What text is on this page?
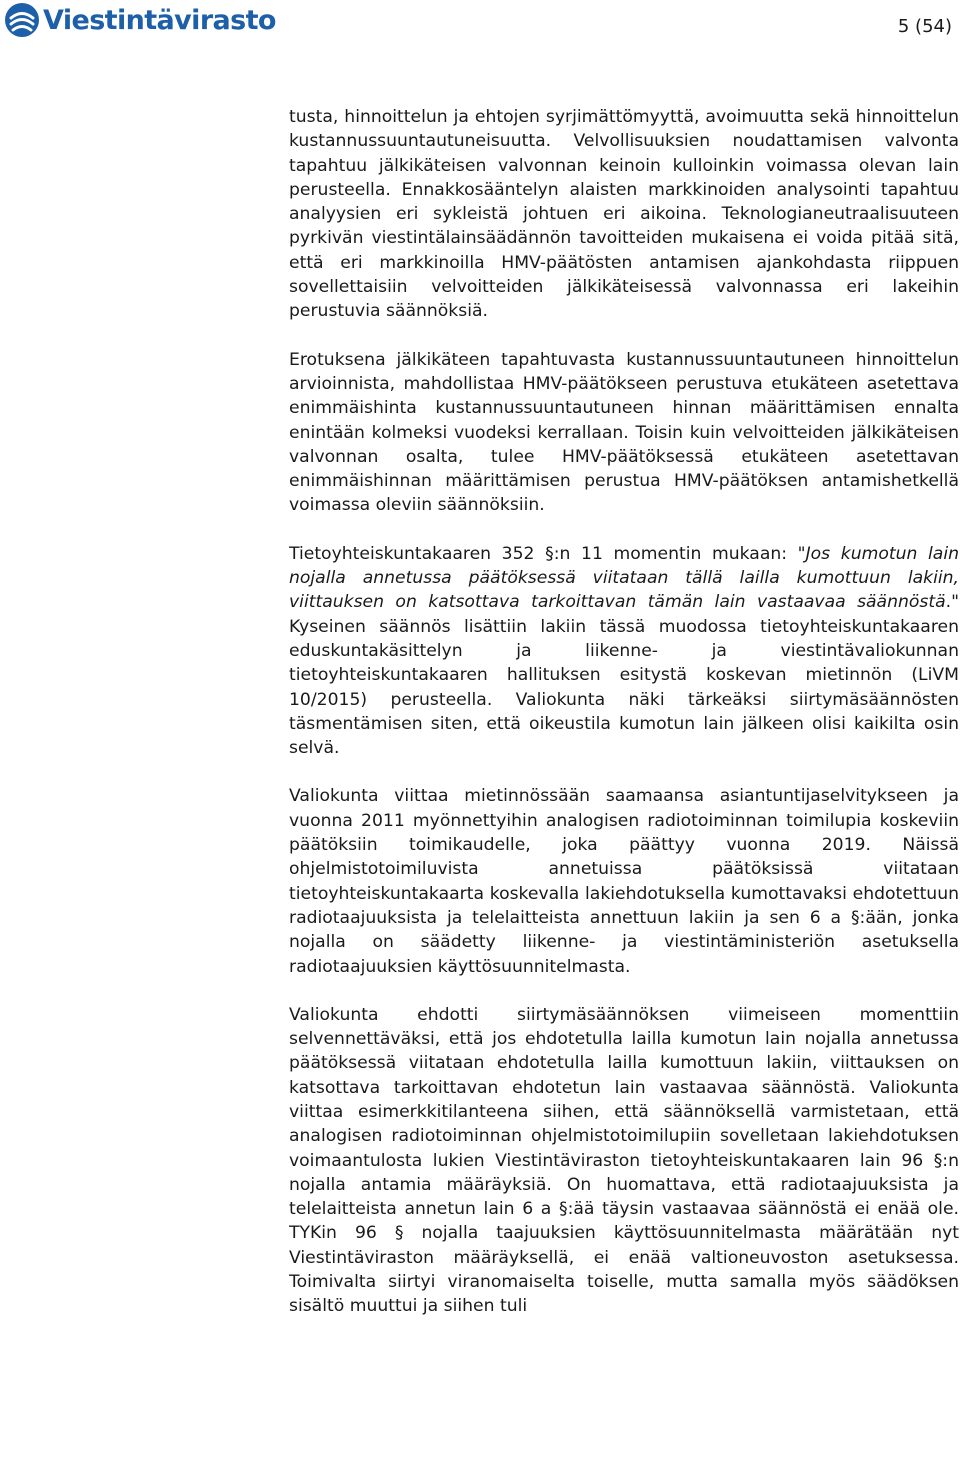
Viestintävirasto	5 (54)

tusta, hinnoittelun ja ehtojen syrjimättömyyttä, avoimuutta sekä hinnoittelun kustannussuuntautuneisuutta. Velvollisuuksien noudattamisen valvonta tapahtuu jälkikäteisen valvonnan keinoin kulloinkin voimassa olevan lain perusteella. Ennakkosääntelyn alaisten markkinoiden analysointi tapahtuu analyysien eri sykleistä johtuen eri aikoina. Teknologianeutraalisuuteen pyrkivän viestintälainsäädännön tavoitteiden mukaisena ei voida pitää sitä, että eri markkinoilla HMV-päätösten antamisen ajankohdasta riippuen sovellettaisiin velvoitteiden jälkikäteisessä valvonnassa eri lakeihin perustuvia säännöksiä.

Erotuksena jälkikäteen tapahtuvasta kustannussuuntautuneen hinnoittelun arvioinnista, mahdollistaa HMV-päätökseen perustuva etukäteen asetettava enimmäishinta kustannussuuntautuneen hinnan määrittämisen ennalta enintään kolmeksi vuodeksi kerrallaan. Toisin kuin velvoitteiden jälkikäteisen valvonnan osalta, tulee HMV-päätöksessä etukäteen asetettavan enimmäishinnan määrittämisen perustua HMV-päätöksen antamishetkellä voimassa oleviin säännöksiin.

Tietoyhteiskuntakaaren 352 §:n 11 momentin mukaan: "Jos kumotun lain nojalla annetussa päätöksessä viitataan tällä lailla kumottuun lakiin, viittauksen on katsottava tarkoittavan tämän lain vastaavaa säännöstä." Kyseinen säännös lisättiin lakiin tässä muodossa tietoyhteiskuntakaaren eduskuntakäsittelyn ja liikenne- ja viestintävaliokunnan tietoyhteiskuntakaaren hallituksen esitystä koskevan mietinnön (LiVM 10/2015) perusteella. Valiokunta näki tärkeäksi siirtymäsäännösten täsmentämisen siten, että oikeustila kumotun lain jälkeen olisi kaikilta osin selvä.

Valiokunta viittaa mietinnössään saamaansa asiantuntijaselvitykseen ja vuonna 2011 myönnettyihin analogisen radiotoiminnan toimilupia koskeviin päätöksiin toimikaudelle, joka päättyy vuonna 2019. Näissä ohjelmistotoimiluvista annetuissa päätöksissä viitataan tietoyhteiskuntakaarta koskevalla lakiehdotuksella kumottavaksi ehdotettuun radiotaajuuksista ja telelaitteista annettuun lakiin ja sen 6 a §:ään, jonka nojalla on säädetty liikenne- ja viestintäministeriön asetuksella radiotaajuuksien käyttösuunnitelmasta.

Valiokunta ehdotti siirtymäsäännöksen viimeiseen momenttiin selvennettäväksi, että jos ehdotetulla lailla kumotun lain nojalla annetussa päätöksessä viitataan ehdotetulla lailla kumottuun lakiin, viittauksen on katsottava tarkoittavan ehdotetun lain vastaavaa säännöstä. Valiokunta viittaa esimerkkitilanteena siihen, että säännöksellä varmistetaan, että analogisen radiotoiminnan ohjelmistotoimilupiin sovelletaan lakiehdotuksen voimaantulosta lukien Viestintäviraston tietoyhteiskuntakaaren lain 96 §:n nojalla antamia määräyksiä. On huomattava, että radiotaajuuksista ja telelaitteista annetun lain 6 a §:ää täysin vastaavaa säännöstä ei enää ole. TYKin 96 § nojalla taajuuksien käyttösuunnitelmasta määrätään nyt Viestintäviraston määräyksellä, ei enää valtioneuvoston asetuksessa. Toimivalta siirtyi viranomaiselta toiselle, mutta samalla myös säädöksen sisältö muuttui ja siihen tuli
